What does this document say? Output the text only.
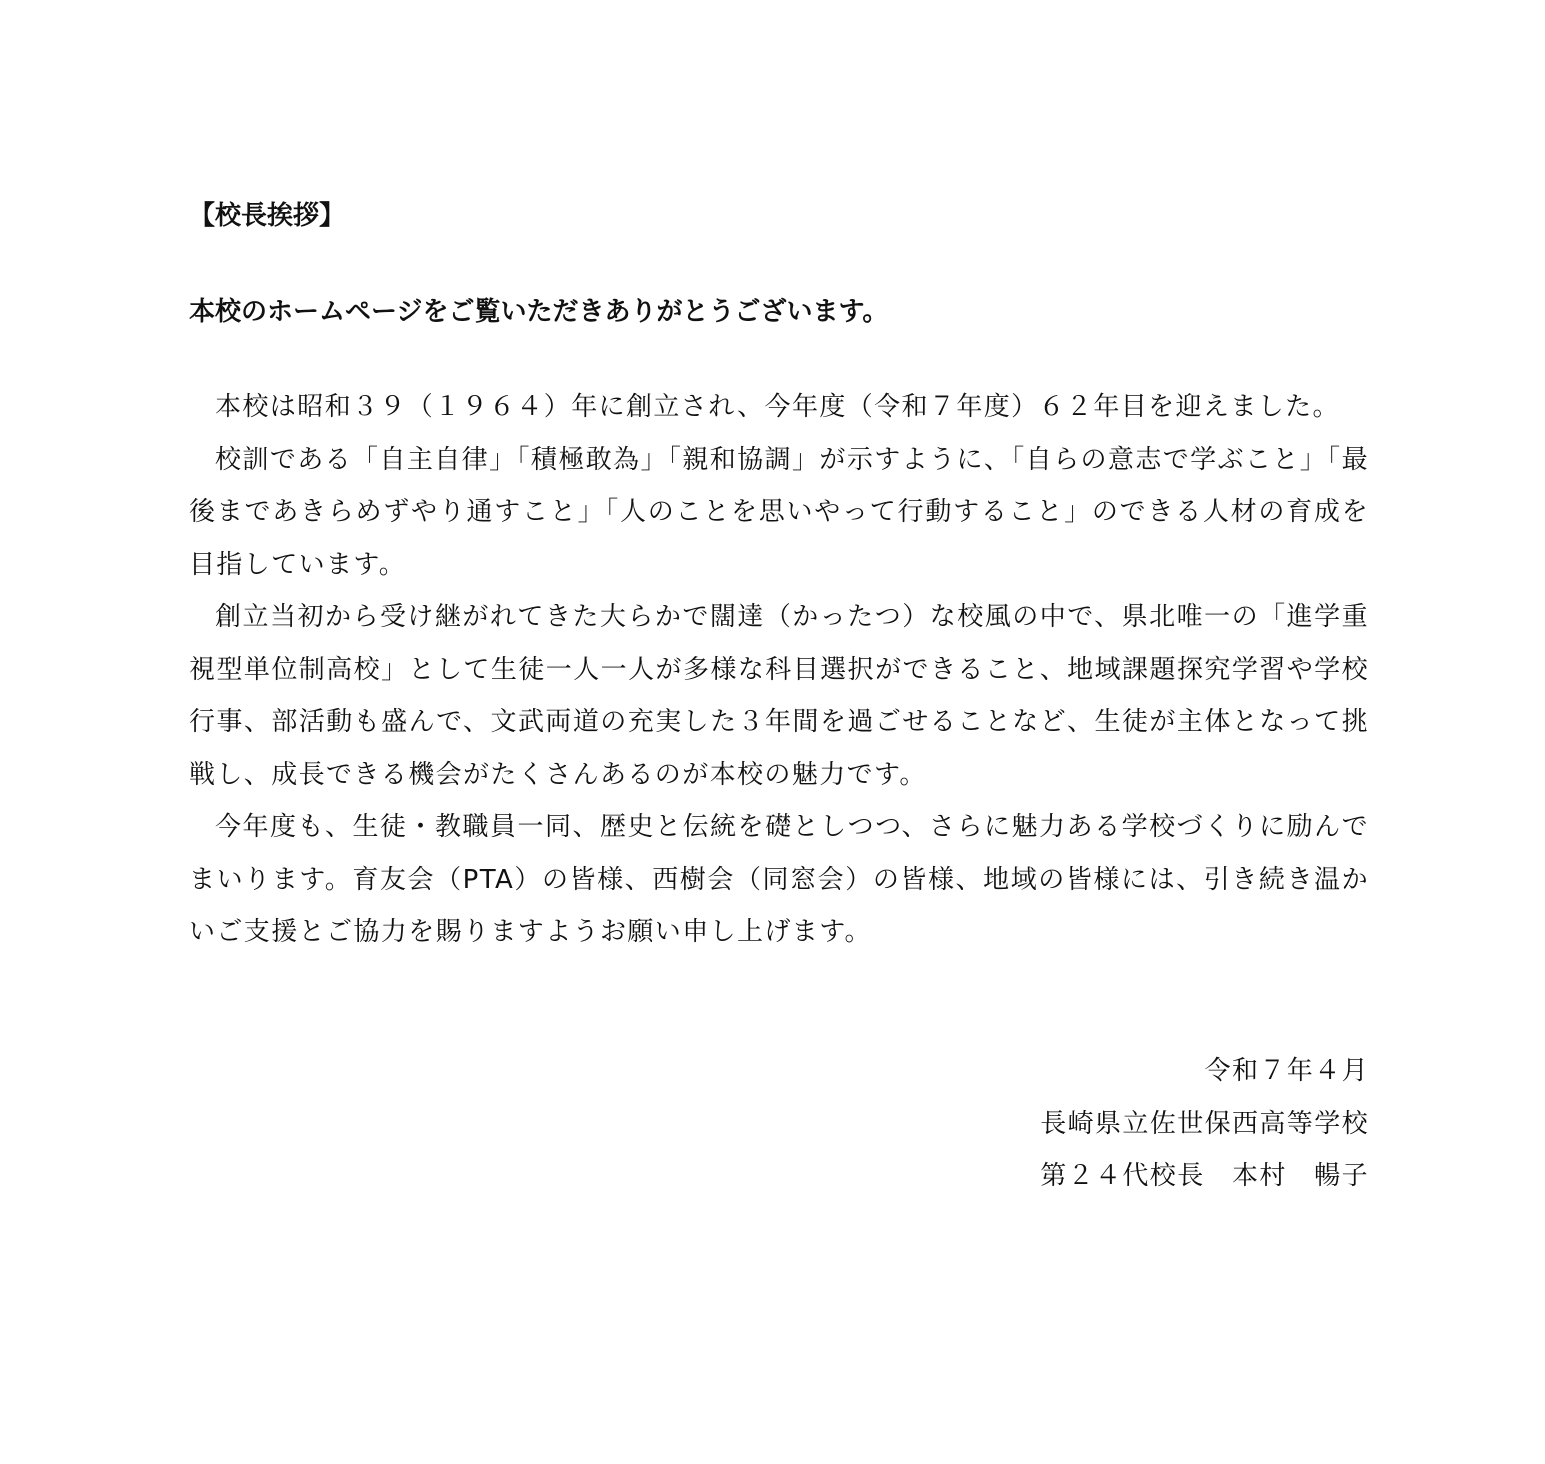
【校長挨拶】
本校のホームページをご覧いただきありがとうございます。

本校は昭和３９（１９６４）年に創立され、今年度（令和７年度）６２年目を迎えました。

校訓である「自主自律」「積極敢為」「親和協調」が示すように、「自らの意志で学ぶこと」「最後まであきらめずやり通すこと」「人のことを思いやって行動すること」のできる人材の育成を目指しています。

創立当初から受け継がれてきた大らかで闊達（かったつ）な校風の中で、県北唯一の「進学重視型単位制高校」として生徒一人一人が多様な科目選択ができること、地域課題探究学習や学校行事、部活動も盛んで、文武両道の充実した３年間を過ごせることなど、生徒が主体となって挑戦し、成長できる機会がたくさんあるのが本校の魅力です。

今年度も、生徒・教職員一同、歴史と伝統を礎としつつ、さらに魅力ある学校づくりに励んでまいります。育友会（PTA）の皆様、西樹会（同窓会）の皆様、地域の皆様には、引き続き温かいご支援とご協力を賜りますようお願い申し上げます。

令和７年４月
長崎県立佐世保西高等学校
第２４代校長　本村　暢子
